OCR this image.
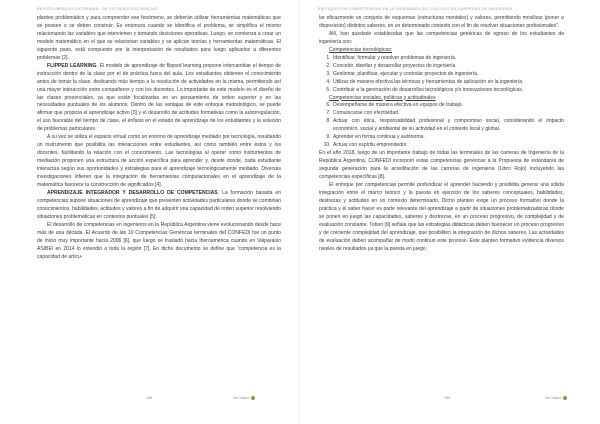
REVISTA IBERO-ECUATORIANA · DE ESTUDIOS EN CIENCIAS

planteo problemático y para comprender ese fenómeno, se deberán utilizar herramientas matemáticas que se poseen o se deben construir. Es entonces cuando se identifica el problema, se simplifica el mismo relacionando las variables que intervienen y tomando decisiones operativas. Luego, se comienza a crear un modelo matemático en el que se relacionan variables y se aplican teorías y herramientas matemáticas. El siguiente paso, está compuesto por la interpretación de resultados para luego aplicarlos a diferentes problemas [2].

FLIPPED LEARNING. El modelo de aprendizaje de flipped learning propone intercambiar el tiempo de instrucción dentro de la clase por el de práctica fuera del aula. Los estudiantes obtienen el conocimiento antes de tomar la clase, dedicando más tiempo a la resolución de actividades en la misma, permitiendo así una mayor interacción entre compañeros y con los docentes. Lo importante de este modelo es el diseño de las clases presenciales, ya que están focalizadas en un pensamiento de orden superior y en las necesidades puntuales de los alumnos. Dentro de las ventajas de este enfoque metodológico, se puede afirmar que propicia el aprendizaje activo [3] y el desarrollo de actitudes formativas como la autorregulación, el uso favorable del tiempo de clase, el énfasis en el estado de aprendizaje de los estudiantes y la solución de problemas particulares.

A su vez se utiliza el espacio virtual como un entorno de aprendizaje mediado por tecnología, resultando un instrumento que posibilita las interacciones entre estudiantes, así como también entre éstos y los docentes, facilitando la relación con el conocimiento. Las tecnologías al operar como instrumentos de mediación proponen una estructura de acción específica para aprender y, desde donde, cada estudiante interactúa según sus oportunidades y estrategias para el aprendizaje tecnológicamente mediado. Diversas investigaciones infieren que la integración de herramientas computacionales en el aprendizaje de la matemática favorece la construcción de significados [4].

APRENDIZAJE INTEGRADOR Y DESARROLLO DE COMPETENCIAS. La formación basada en competencias supone situaciones de aprendizaje que presenten actividades particulares donde se combinan conocimientos, habilidades, actitudes y valores a fin de adquirir una capacidad de orden superior resolviendo situaciones problemáticas en contextos puntuales [5].

El desarrollo de competencias en ingenieros en la República Argentina viene evolucionando desde hace más de una década. El Acuerdo de las 10 Competencias Genéricas terminales del CONFEDI fue un punto de inicio muy importante hacia 2006 [6], que luego se trasladó hacia Iberoamérica cuando en Valparaíso ASIBEI en 2014 lo extendió a toda la región [7]. En dicho documento se define que “competencia es la capacidad de articu-

168	Sul Sakoe
ENFOQUE POR COMPETENCIAS EN LA ENSEÑANZA DEL CÁLCULO EN CARRERAS DE INGENIERÍA

lar eficazmente un conjunto de esquemas (estructuras mentales) y valores, permitiendo movilizar (poner a disposición) distintos saberes, en un determinado contexto con el fin de resolver situaciones profesionales”.

Allí, han quedado establecidas que las competencias genéricas de egreso de los estudiantes de ingeniería son:

Competencias tecnológicas:

1. Identificar, formular y resolver problemas de ingeniería.
2. Concebir, diseñar y desarrollar proyectos de ingeniería.
3. Gestionar, planificar, ejecutar y controlar proyectos de ingeniería.
4. Utilizar de manera efectiva las técnicas y herramientas de aplicación en la ingeniería.
5. Contribuir a la generación de desarrollos tecnológicos y/o innovaciones tecnológicas.

Competencias sociales, políticas y actitudinales

6. Desempeñarse de manera efectiva en equipos de trabajo.
7. Comunicarse con efectividad.
8. Actuar con ética, responsabilidad profesional y compromiso social, considerando el impacto económico, social y ambiental de su actividad en el contexto local y global.
9. Aprender en forma continua y autónoma.
10. Actuar con espíritu emprendedor.

En el año 2018, luego de un importante trabajo de todas las terminales de las carreras de Ingeniería de la República Argentina, CONFEDI incorporó estas competencias genéricas a la Propuesta de estándares de segunda generación para la acreditación de las carreras de ingeniería (Libro Rojo) incluyendo las competencias específicas [8].

El enfoque por competencias permite profundizar el aprender haciendo y posibilita generar una sólida integración entre el marco teórico y la puesta en ejercicio de los saberes conceptuales, habilidades, destrezas y actitudes en un contexto determinado. Dicho planteo exige un proceso formativo donde la práctica y el saber hacer es parte relevante del aprendizaje a partir de situaciones problematizadoras donde se ponen en juego las capacidades, saberes y destrezas, en un proceso progresivo, de complejidad y de evaluación constante. Tobon [9] señala que las estrategias didácticas deben favorecer un proceso progresivo y de creciente complejidad del aprendizaje, que posibiliten la integración de dichos saberes. Las actividades de evaluación deben acompañar de modo continuo este proceso. Este planteo formativo evidencia diversos niveles de resultados ya que la puesta en juego

169	Sul Sakoe
